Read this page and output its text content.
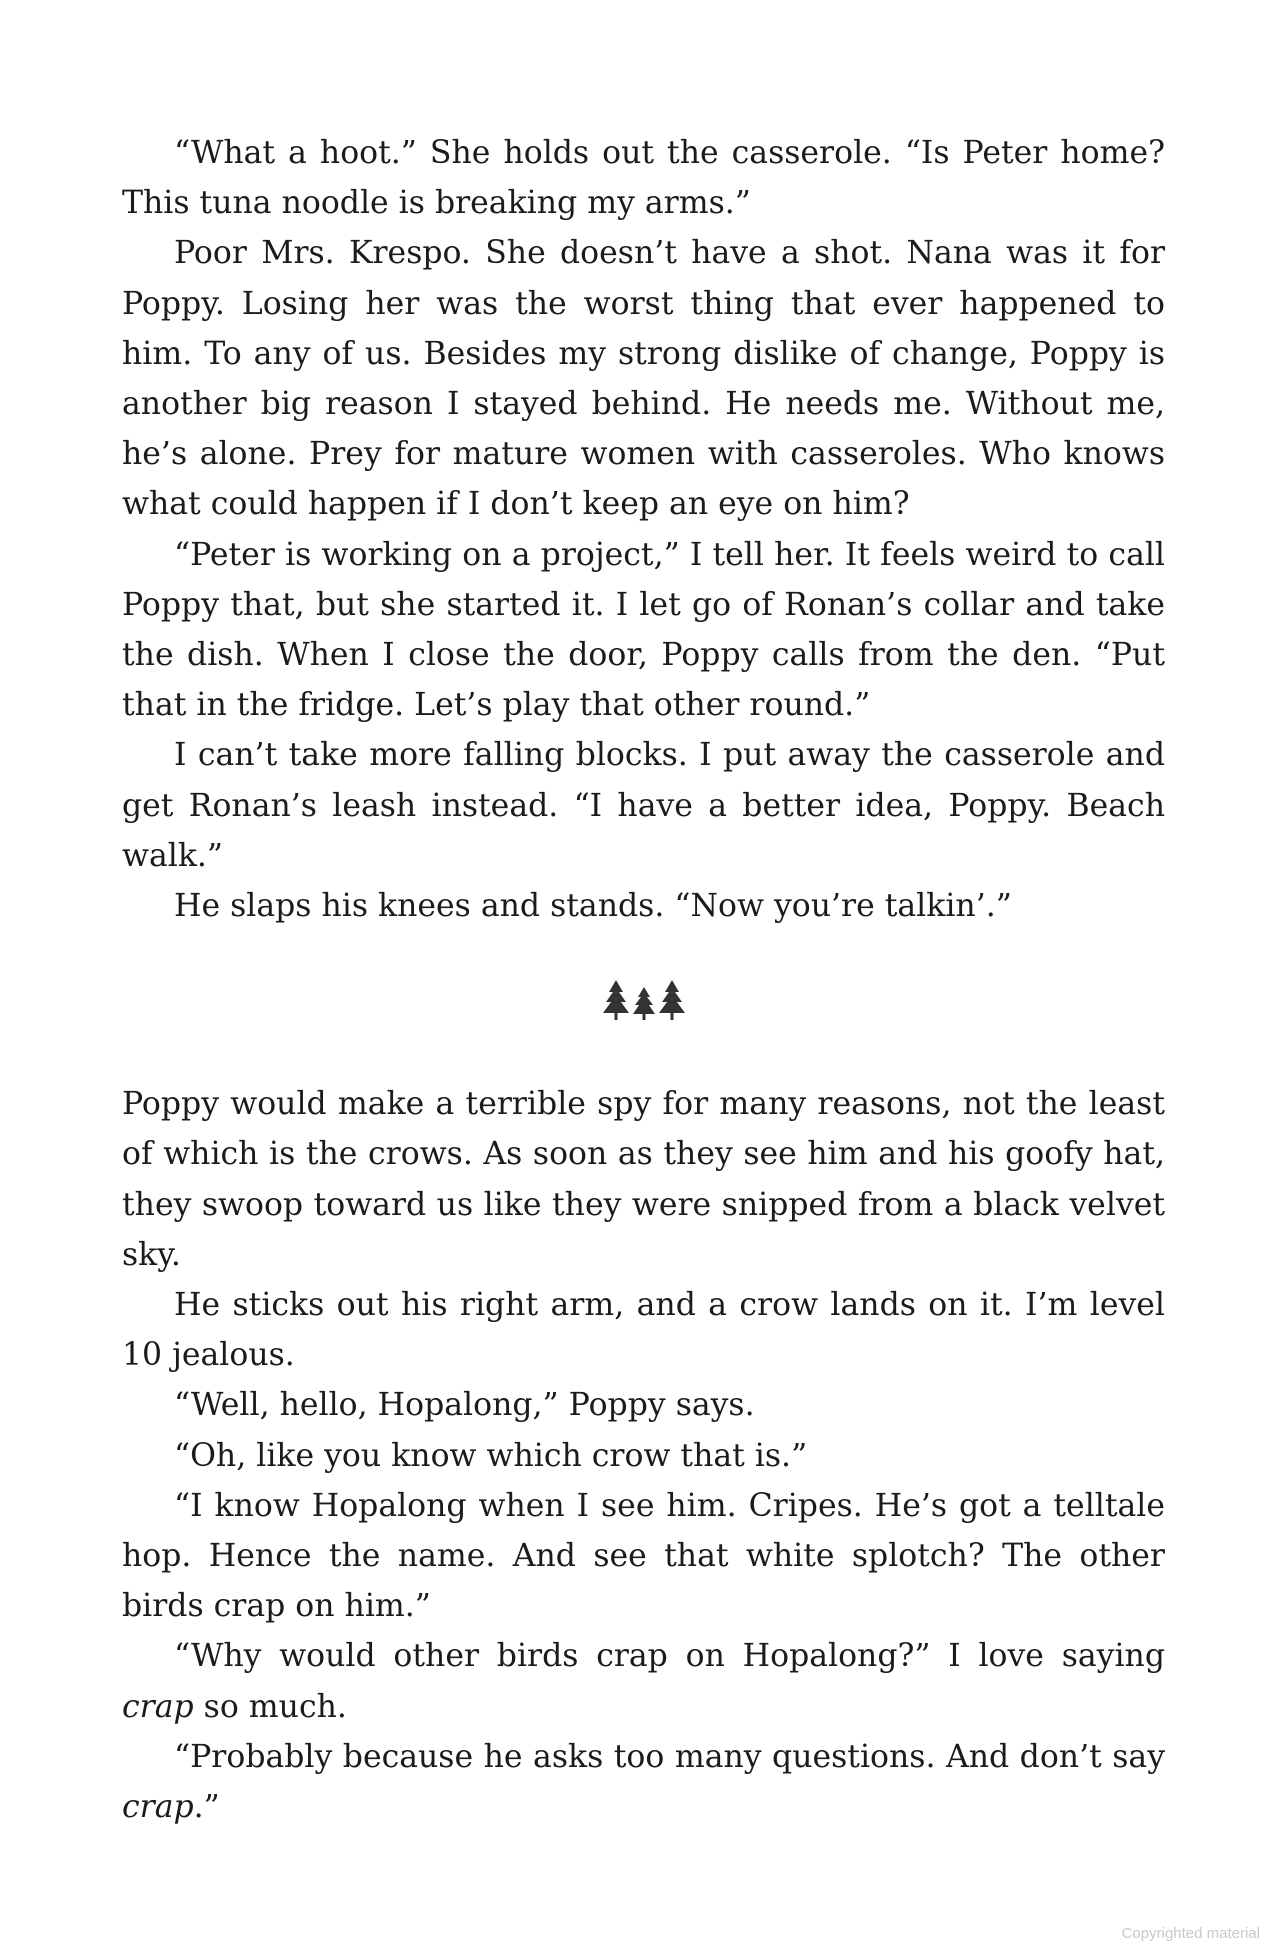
“What a hoot.” She holds out the casserole. “Is Peter home? This tuna noodle is breaking my arms.”

Poor Mrs. Krespo. She doesn’t have a shot. Nana was it for Poppy. Losing her was the worst thing that ever happened to him. To any of us. Besides my strong dislike of change, Poppy is another big reason I stayed behind. He needs me. Without me, he’s alone. Prey for mature women with casseroles. Who knows what could happen if I don’t keep an eye on him?

“Peter is working on a project,” I tell her. It feels weird to call Poppy that, but she started it. I let go of Ronan’s collar and take the dish. When I close the door, Poppy calls from the den. “Put that in the fridge. Let’s play that other round.”

I can’t take more falling blocks. I put away the casserole and get Ronan’s leash instead. “I have a better idea, Poppy. Beach walk.”

He slaps his knees and stands. “Now you’re talkin’.”

Poppy would make a terrible spy for many reasons, not the least of which is the crows. As soon as they see him and his goofy hat, they swoop toward us like they were snipped from a black velvet sky.

He sticks out his right arm, and a crow lands on it. I’m level 10 jealous.

“Well, hello, Hopalong,” Poppy says.

“Oh, like you know which crow that is.”

“I know Hopalong when I see him. Cripes. He’s got a telltale hop. Hence the name. And see that white splotch? The other birds crap on him.”

“Why would other birds crap on Hopalong?” I love saying crap so much.

“Probably because he asks too many questions. And don’t say crap.”

Copyrighted material
